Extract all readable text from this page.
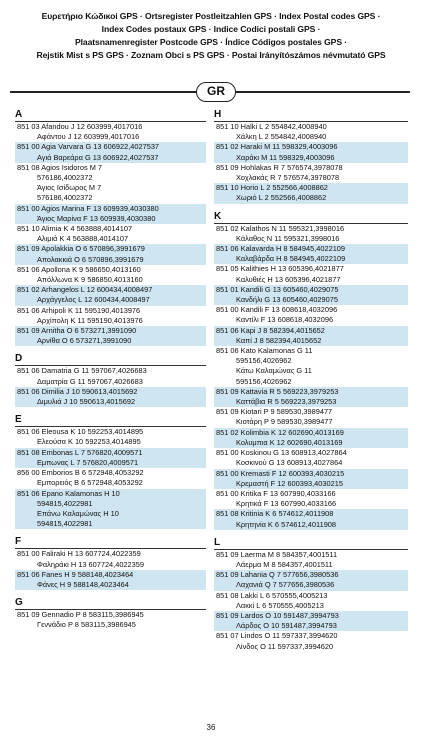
Ευρετήριο Κώδικοί GPS · Ortsregister Postleitzahlen GPS · Index Postal codes GPS ·
Index Codes postaux GPS · Indice Codici postali GPS ·
Plaatsnamenregister Postcode GPS · Índice Códigos postales GPS ·
Rejstik Mist s PS GPS · Zoznam Obci s PS GPS · Postai Irányítószámos névmutató GPS
GR
A
851 03 Afandou J 12 603999,4017016
Αφάντου J 12 603999,4017016
851 00 Agia Varvara G 13 606922,4027537
Αγιά Βαρεάρα G 13 606922,4027537
851 08 Agios Isidoros M 7
576186,4002372
Άγιος Ισίδωρος M 7
576186,4002372
851 00 Agios Marina F 13 609939,4030380
Άγιος Μαρίνα F 13 609939,4030380
851 10 Alimia K 4 563888,4014107
Αλιμιά K 4 563888,4014107
851 09 Apolakkia O 6 570896,3991679
Απολακκιά O 6 570896,3991679
851 06 Apollona K 9 586650,4013160
Απόλλωνα K 9 586850,4013160
851 02 Arhangelos L 12 600434,4008497
Αρχάγγελος L 12 600434,4008497
851 06 Arhipoli K 11 595190,4013976
Αρχίπολη K 11 595190,4013976
851 09 Arnitha O 6 573271,3991090
Αρνίθα O 6 573271,3991090
D
851 06 Damatria G 11 597067,4026683
Δαματρία G 11 597067,4026683
851 06 Dimilia J 10 590613,4015692
Διμυλιά J 10 590613,4015692
E
851 06 Eleousa K 10 592253,4014895
Ελεούσα K 10 592253,4014895
851 08 Embonas L 7 576820,4009571
Εμπωνας L 7 576820,4009571
856 00 Emborios B 6 572948,4053292
Εμπορειός B 6 572948,4053292
851 06 Epano Kalamonas H 10
594815,4022981
Επάνω Καλαμώνας H 10
594815,4022981
F
851 00 Faliraki H 13 607724,4022359
Φαληράκι H 13 607724,4022359
851 06 Fanes H 9 588148,4023464
Φάνες H 9 588148,4023464
G
851 09 Gennadio P 8 583115,3986945
Γεννάδιο P 8 583115,3986945
H
851 10 Halki L 2 554842,4008940
Χάλκη L 2 554842,4008940
851 02 Haraki M 11 598329,4003096
Χαράκι M 11 598329,4003096
851 09 Hohlakas R 7 576574,3978078
Χοχλακάς R 7 576574,3978078
851 10 Horio L 2 552566,4008862
Χωριό L 2 552566,4008862
K
851 02 Kalathos N 11 595321,3998016
Κάλαθος N 11 595321,3998016
851 06 Kalavarda H 8 584945,4022109
Καλαβάρδα H 8 584945,4022109
851 05 Kalithies H 13 605396,4021877
Καλυθιές H 13 605396,4021877
851 01 Kandili G 13 605460,4029075
Κανδήλι G 13 605460,4029075
851 00 Kandili F 13 608618,4032096
Καντίλι F 13 608618,4032096
851 06 Kapi J 8 582394,4015652
Καπί J 8 582394,4015652
851 06 Kato Kalamonas G 11
595156,4026962
Κάτω Καλαμώνας G 11
595156,4026962
851 09 Kattavia R 5 569223,3979253
Καττάβια R 5 569223,3979253
851 09 Kiotari P 9 589530,3989477
Κιοτάρη P 9 589530,3989477
851 02 Kolimbia K 12 602690,4013169
Κολυμπια K 12 602690,4013169
851 00 Koskinou G 13 608913,4027864
Κοσκινού G 13 608913,4027864
851 00 Kremasti F 12 600393,4030215
Κρεμαστή F 12 600393,4030215
851 00 Kritika F 13 607990,4033166
Κρητικά F 13 607990,4033166
851 08 Kritinia K 6 574612,4011908
Κρητηνία K 6 574612,4011908
L
851 09 Laerma M 8 584357,4001511
Λάερμα M 8 584357,4001511
851 09 Lahania Q 7 577656,3980536
Λαχανιά Q 7 577656,3980536
851 08 Lakki L 6 570555,4005213
Λακκί L 6 570555,4005213
851 09 Lardos O 10 591487,3994793
Λάρδος O 10 591487,3994793
851 07 Lindos O 11 597337,3994620
Λίνδος O 11 597337,3994620
36
